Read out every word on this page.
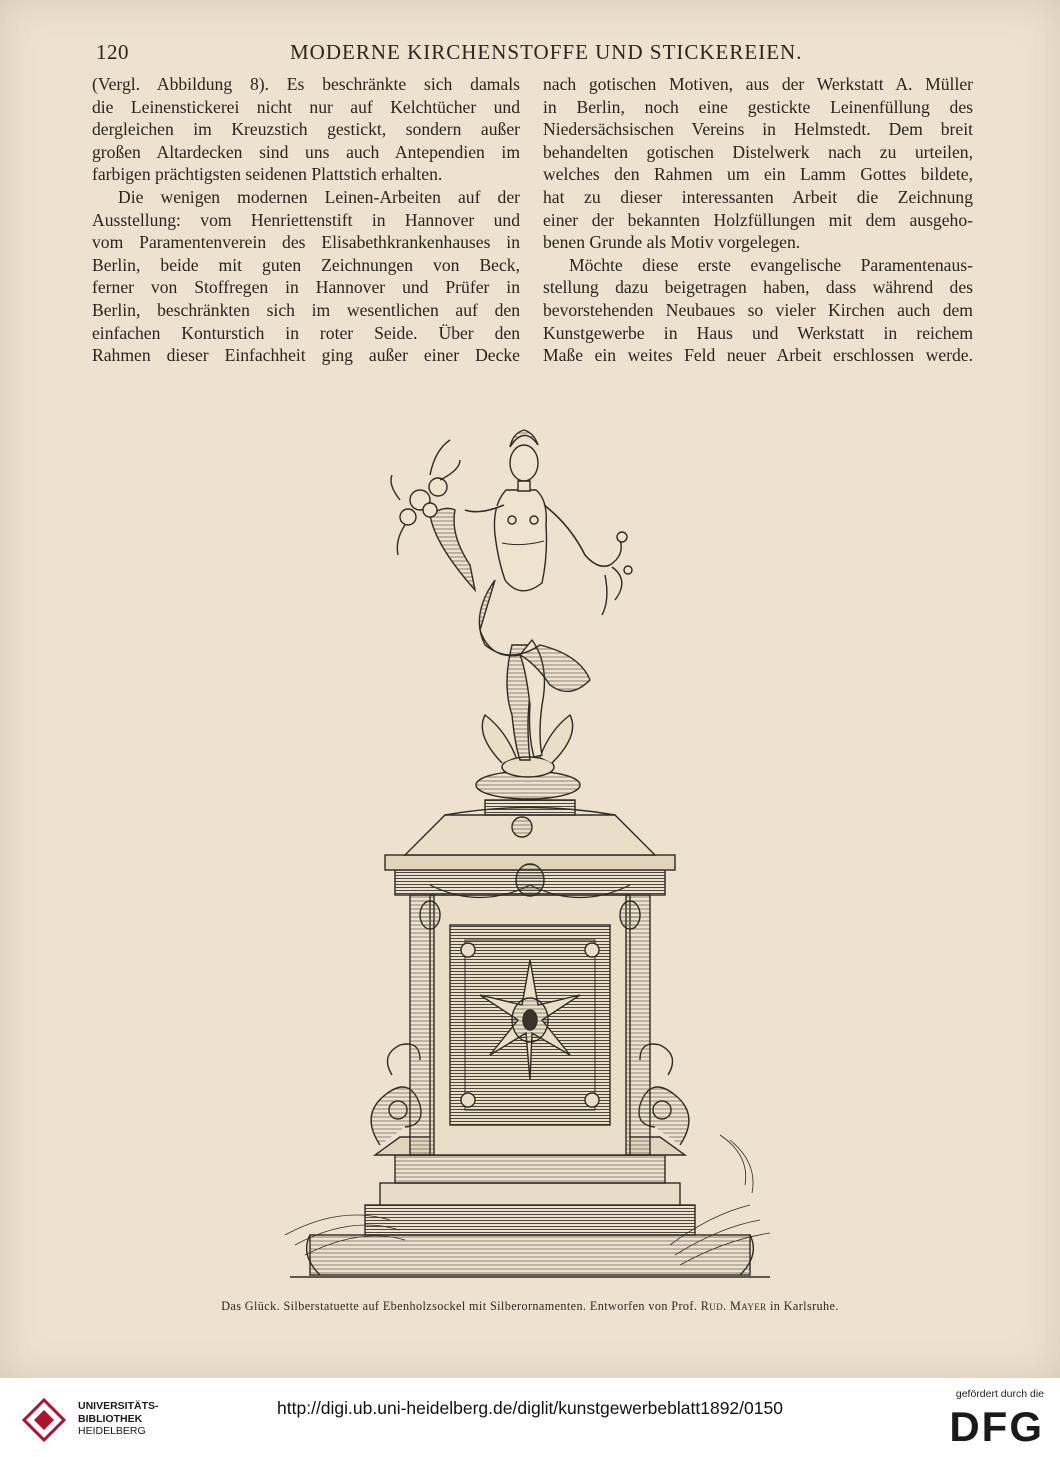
120	MODERNE KIRCHENSTOFFE UND STICKEREIEN.
(Vergl. Abbildung 8). Es beschränkte sich damals
die Leinenstickerei nicht nur auf Kelchtücher und
dergleichen im Kreuzstich gestickt, sondern außer
großen Altardecken sind uns auch Antependien im
farbigen prächtigsten seidenen Plattstich erhalten.
Die wenigen modernen Leinen-Arbeiten auf der
Ausstellung: vom Henriettenstift in Hannover und
vom Paramentenverein des Elisabethkrankenhauses in
Berlin, beide mit guten Zeichnungen von Beck,
ferner von Stoffregen in Hannover und Prüfer in
Berlin, beschränkten sich im wesentlichen auf den
einfachen Konturstich in roter Seide. Über den
Rahmen dieser Einfachheit ging außer einer Decke
nach gotischen Motiven, aus der Werkstatt A. Müller
in Berlin, noch eine gestickte Leinenfüllung des
Niedersächsischen Vereins in Helmstedt. Dem breit
behandelten gotischen Distelwerk nach zu urteilen,
welches den Rahmen um ein Lamm Gottes bildete,
hat zu dieser interessanten Arbeit die Zeichnung
einer der bekannten Holzfüllungen mit dem ausgeho-
benen Grunde als Motiv vorgelegen.
Möchte diese erste evangelische Paramentenaus-
stellung dazu beigetragen haben, dass während des
bevorstehenden Neubaues so vieler Kirchen auch dem
Kunstgewerbe in Haus und Werkstatt in reichem
Maße ein weites Feld neuer Arbeit erschlossen werde.
Das Glück. Silberstatuette auf Ebenholzsockel mit Silberornamenten. Entworfen von Prof. Rud. Mayer in Karlsruhe.
UNIVERSITÄTS-
BIBLIOTHEK
HEIDELBERG
http://digi.ub.uni-heidelberg.de/diglit/kunstgewerbeblatt1892/0150
gefördert durch die
DFG
